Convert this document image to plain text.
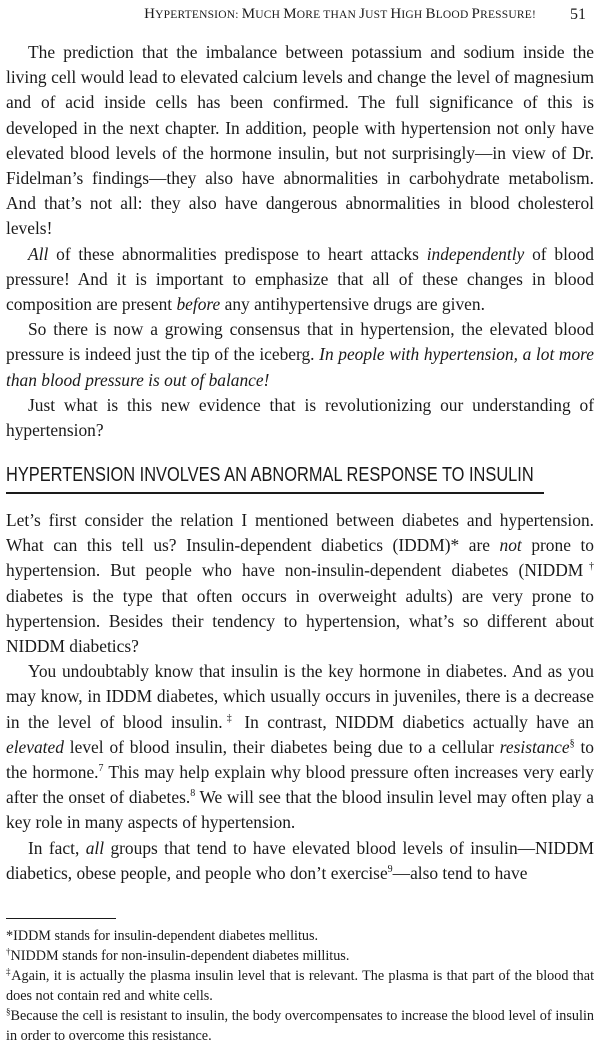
HYPERTENSION: MUCH MORE THAN JUST HIGH BLOOD PRESSURE! 51

The prediction that the imbalance between potassium and sodium inside the living cell would lead to elevated calcium levels and change the level of magnesium and of acid inside cells has been confirmed. The full significance of this is developed in the next chapter. In addition, people with hypertension not only have elevated blood levels of the hormone insulin, but not surprisingly—in view of Dr. Fidelman’s findings—they also have abnormalities in carbohydrate metabolism. And that’s not all: they also have dangerous abnormalities in blood cholesterol levels!

All of these abnormalities predispose to heart attacks independently of blood pressure! And it is important to emphasize that all of these changes in blood composition are present before any antihypertensive drugs are given.

So there is now a growing consensus that in hypertension, the elevated blood pressure is indeed just the tip of the iceberg. In people with hypertension, a lot more than blood pressure is out of balance!

Just what is this new evidence that is revolutionizing our understanding of hypertension?

HYPERTENSION INVOLVES AN ABNORMAL RESPONSE TO INSULIN

Let’s first consider the relation I mentioned between diabetes and hypertension. What can this tell us? Insulin-dependent diabetics (IDDM)* are not prone to hypertension. But people who have non-insulin-dependent diabetes (NIDDM† diabetes is the type that often occurs in overweight adults) are very prone to hypertension. Besides their tendency to hypertension, what’s so different about NIDDM diabetics?

You undoubtably know that insulin is the key hormone in diabetes. And as you may know, in IDDM diabetes, which usually occurs in juveniles, there is a decrease in the level of blood insulin.‡ In contrast, NIDDM diabetics actually have an elevated level of blood insulin, their diabetes being due to a cellular resistance§ to the hormone.$^7$ This may help explain why blood pressure often increases very early after the onset of diabetes.$^8$ We will see that the blood insulin level may often play a key role in many aspects of hypertension.

In fact, all groups that tend to have elevated blood levels of insulin—NIDDM diabetics, obese people, and people who don’t exercise$^9$—also tend to have

*IDDM stands for insulin-dependent diabetes mellitus.

†NIDDM stands for non-insulin-dependent diabetes millitus.

‡Again, it is actually the plasma insulin level that is relevant. The plasma is that part of the blood that does not contain red and white cells.

§Because the cell is resistant to insulin, the body overcompensates to increase the blood level of insulin in order to overcome this resistance.
